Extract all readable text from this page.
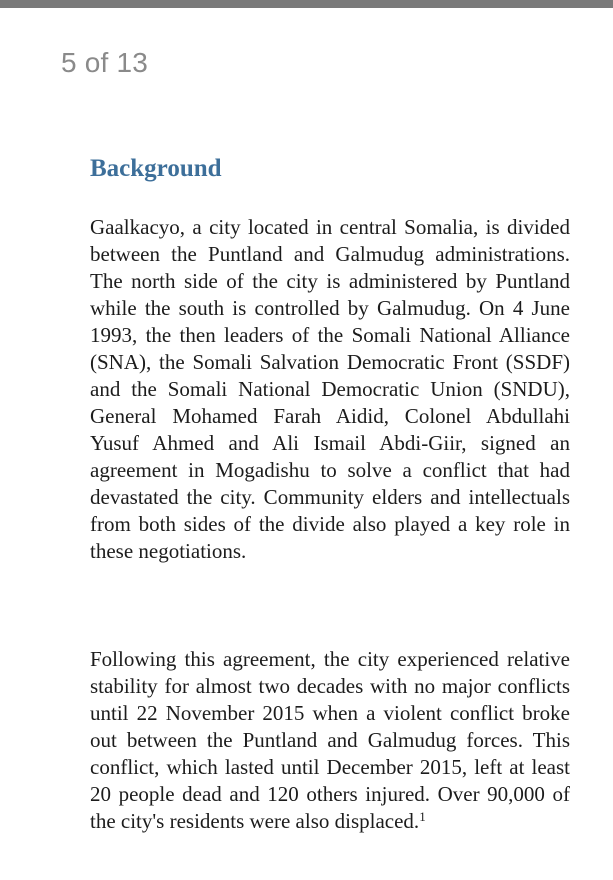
5 of 13
Background

Gaalkacyo, a city located in central Somalia, is divided between the Puntland and Galmudug administrations. The north side of the city is administered by Puntland while the south is controlled by Galmudug. On 4 June 1993, the then leaders of the Somali National Alliance (SNA), the Somali Salvation Democratic Front (SSDF) and the Somali National Democratic Union (SNDU), General Mohamed Farah Aidid, Colonel Abdullahi Yusuf Ahmed and Ali Ismail Abdi-Giir, signed an agreement in Mogadishu to solve a conflict that had devastated the city. Community elders and intellectuals from both sides of the divide also played a key role in these negotiations.

Following this agreement, the city experienced relative stability for almost two decades with no major conflicts until 22 November 2015 when a violent conflict broke out between the Puntland and Galmudug forces. This conflict, which lasted until December 2015, left at least 20 people dead and 120 others injured. Over 90,000 of the city's residents were also displaced.$^1$
